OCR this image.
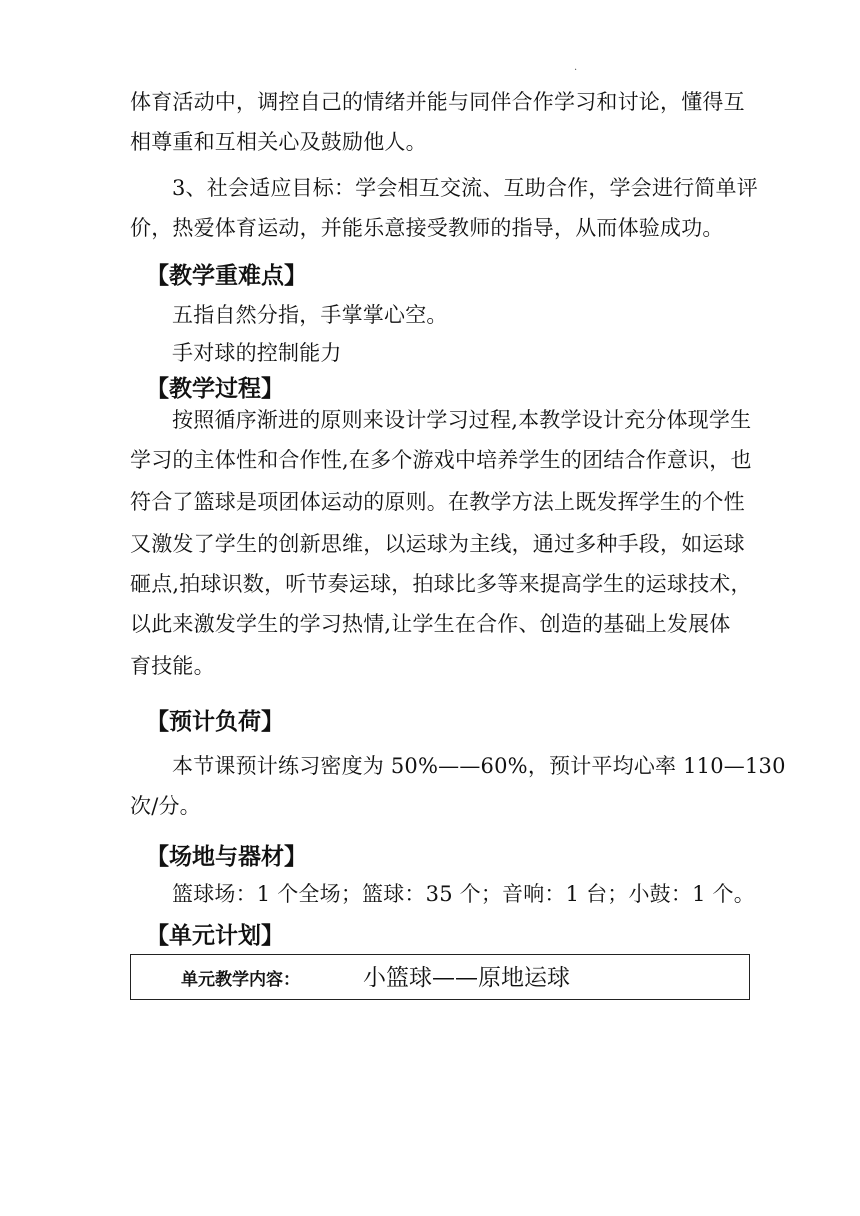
.
体育活动中，调控自己的情绪并能与同伴合作学习和讨论，懂得互
相尊重和互相关心及鼓励他人。
3、社会适应目标：学会相互交流、互助合作，学会进行简单评
价，热爱体育运动，并能乐意接受教师的指导，从而体验成功。
【教学重难点】
五指自然分指，手掌掌心空。
手对球的控制能力
【教学过程】
按照循序渐进的原则来设计学习过程,本教学设计充分体现学生
学习的主体性和合作性,在多个游戏中培养学生的团结合作意识，也
符合了篮球是项团体运动的原则。在教学方法上既发挥学生的个性
又激发了学生的创新思维，以运球为主线，通过多种手段，如运球
砸点,拍球识数，听节奏运球，拍球比多等来提高学生的运球技术，
以此来激发学生的学习热情,让学生在合作、创造的基础上发展体
育技能。
【预计负荷】
本节课预计练习密度为 50%——60%，预计平均心率 110—130
次/分。
【场地与器材】
篮球场：1 个全场；篮球：35 个；音响：1 台；小鼓：1 个。
【单元计划】
单元教学内容：	小篮球——原地运球
